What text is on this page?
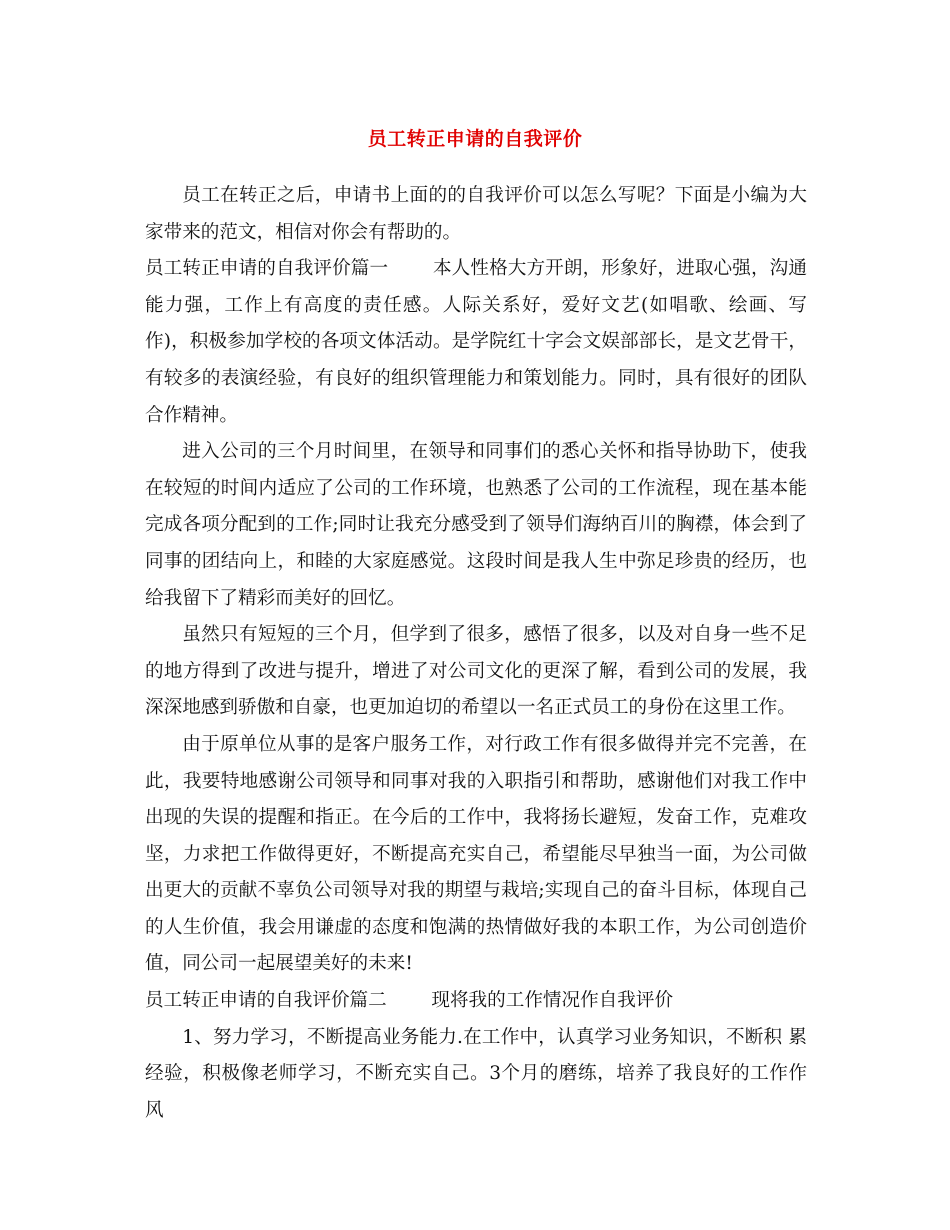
员工转正申请的自我评价

员工在转正之后，申请书上面的的自我评价可以怎么写呢？下面是小编为大家带来的范文，相信对你会有帮助的。

员工转正申请的自我评价篇一 本人性格大方开朗，形象好，进取心强，沟通能力强，工作上有高度的责任感。人际关系好，爱好文艺(如唱歌、绘画、写作)，积极参加学校的各项文体活动。是学院红十字会文娱部部长，是文艺骨干，有较多的表演经验，有良好的组织管理能力和策划能力。同时，具有很好的团队合作精神。

进入公司的三个月时间里，在领导和同事们的悉心关怀和指导协助下，使我在较短的时间内适应了公司的工作环境，也熟悉了公司的工作流程，现在基本能完成各项分配到的工作;同时让我充分感受到了领导们海纳百川的胸襟，体会到了同事的团结向上，和睦的大家庭感觉。这段时间是我人生中弥足珍贵的经历，也给我留下了精彩而美好的回忆。

虽然只有短短的三个月，但学到了很多，感悟了很多，以及对自身一些不足的地方得到了改进与提升，增进了对公司文化的更深了解，看到公司的发展，我深深地感到骄傲和自豪，也更加迫切的希望以一名正式员工的身份在这里工作。

由于原单位从事的是客户服务工作，对行政工作有很多做得并完不完善，在此，我要特地感谢公司领导和同事对我的入职指引和帮助，感谢他们对我工作中出现的失误的提醒和指正。在今后的工作中，我将扬长避短，发奋工作，克难攻坚，力求把工作做得更好，不断提高充实自己，希望能尽早独当一面，为公司做出更大的贡献不辜负公司领导对我的期望与栽培;实现自己的奋斗目标，体现自己的人生价值，我会用谦虚的态度和饱满的热情做好我的本职工作，为公司创造价值，同公司一起展望美好的未来!

员工转正申请的自我评价篇二 现将我的工作情况作自我评价

1、努力学习，不断提高业务能力.在工作中，认真学习业务知识，不断积 累经验，积极像老师学习，不断充实自己。3个月的磨练，培养了我良好的工作作风
